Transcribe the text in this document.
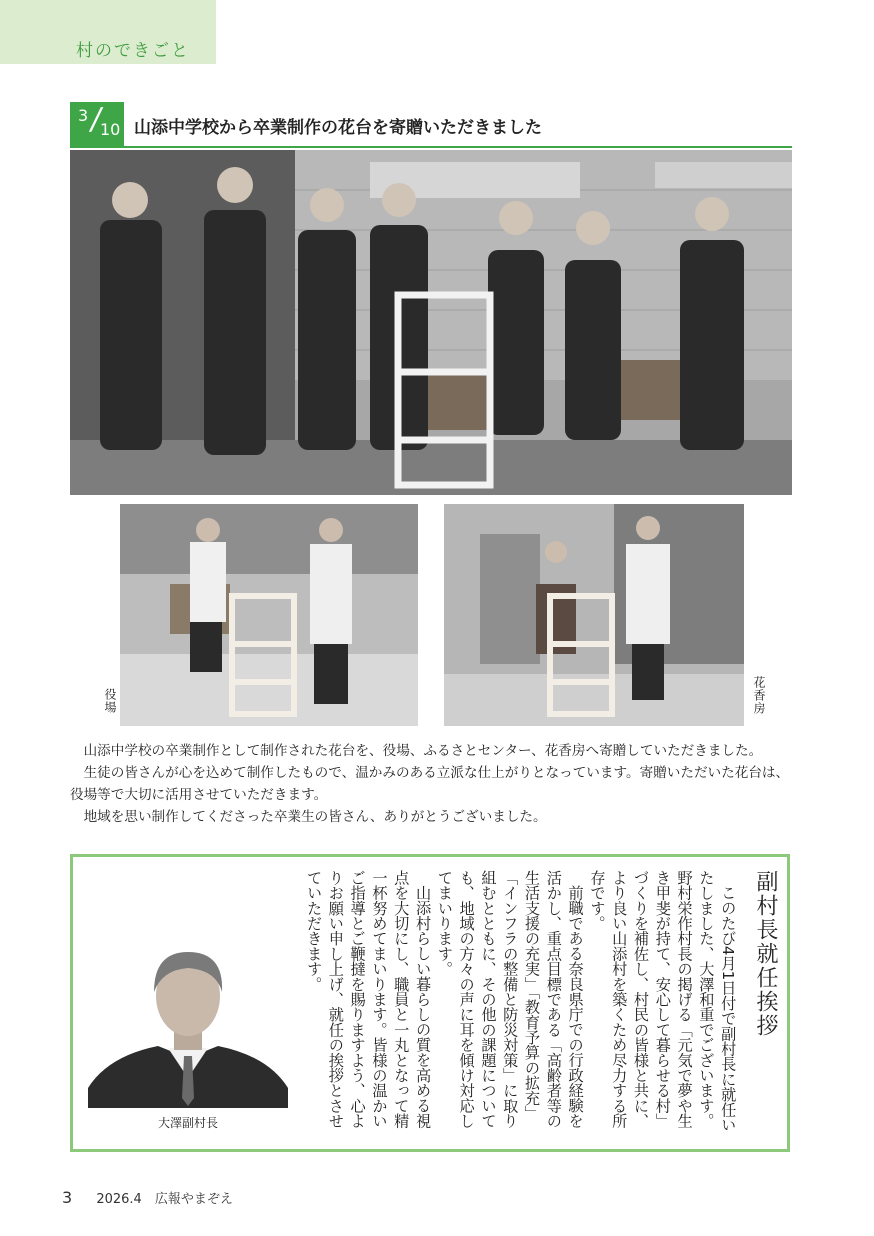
村のできごと
3 /
10 山添中学校から卒業制作の花台を寄贈いただきました
役場	花香房

山添中学校の卒業制作として制作された花台を、役場、ふるさとセンター、花香房へ寄贈していただきました。

生徒の皆さんが心を込めて制作したもので、温かみのある立派な仕上がりとなっています。寄贈いただいた花台は、役場等で大切に活用させていただきます。

地域を思い制作してくださった卒業生の皆さん、ありがとうございました。

大澤副村長
副村長就任挨拶

このたび4月1日付で副村長に就任いたしました、大澤和重でございます。野村栄作村長の掲げる「元気で夢や生き甲斐が持て、安心して暮らせる村」づくりを補佐し、村民の皆様と共に、より良い山添村を築くため尽力する所存です。

前職である奈良県庁での行政経験を活かし、重点目標である「高齢者等の生活支援の充実」「教育予算の拡充」「インフラの整備と防災対策」に取り組むとともに、その他の課題についても、地域の方々の声に耳を傾け対応してまいります。

山添村らしい暮らしの質を高める視点を大切にし、職員と一丸となって精一杯努めてまいります。皆様の温かいご指導とご鞭撻を賜りますよう、心よりお願い申し上げ、就任の挨拶とさせていただきます。

3 2026.4　広報やまぞえ
